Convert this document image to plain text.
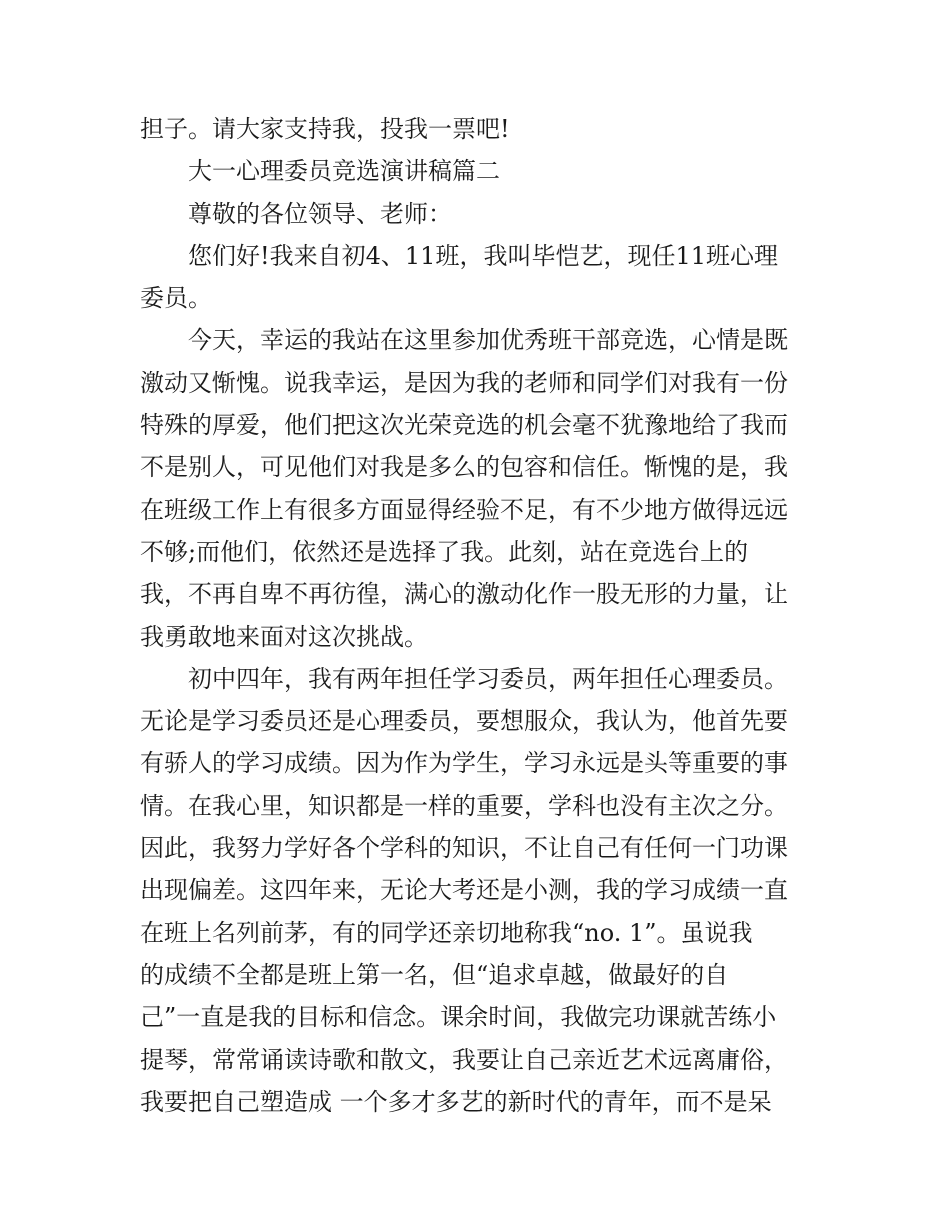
担子。请大家支持我，投我一票吧!
大一心理委员竞选演讲稿篇二
尊敬的各位领导、老师：
您们好!我来自初4、11班，我叫毕恺艺，现任11班心理
委员。
今天，幸运的我站在这里参加优秀班干部竞选，心情是既
激动又惭愧。说我幸运，是因为我的老师和同学们对我有一份
特殊的厚爱，他们把这次光荣竞选的机会毫不犹豫地给了我而
不是别人，可见他们对我是多么的包容和信任。惭愧的是，我
在班级工作上有很多方面显得经验不足，有不少地方做得远远
不够;而他们，依然还是选择了我。此刻，站在竞选台上的
我，不再自卑不再彷徨，满心的激动化作一股无形的力量，让
我勇敢地来面对这次挑战。
初中四年，我有两年担任学习委员，两年担任心理委员。
无论是学习委员还是心理委员，要想服众，我认为，他首先要
有骄人的学习成绩。因为作为学生，学习永远是头等重要的事
情。在我心里，知识都是一样的重要，学科也没有主次之分。
因此，我努力学好各个学科的知识，不让自己有任何一门功课
出现偏差。这四年来，无论大考还是小测，我的学习成绩一直
在班上名列前茅，有的同学还亲切地称我“no. 1”。虽说我
的成绩不全都是班上第一名，但“追求卓越，做最好的自
己”一直是我的目标和信念。课余时间，我做完功课就苦练小
提琴，常常诵读诗歌和散文，我要让自己亲近艺术远离庸俗，
我要把自己塑造成 一个多才多艺的新时代的青年，而不是呆
